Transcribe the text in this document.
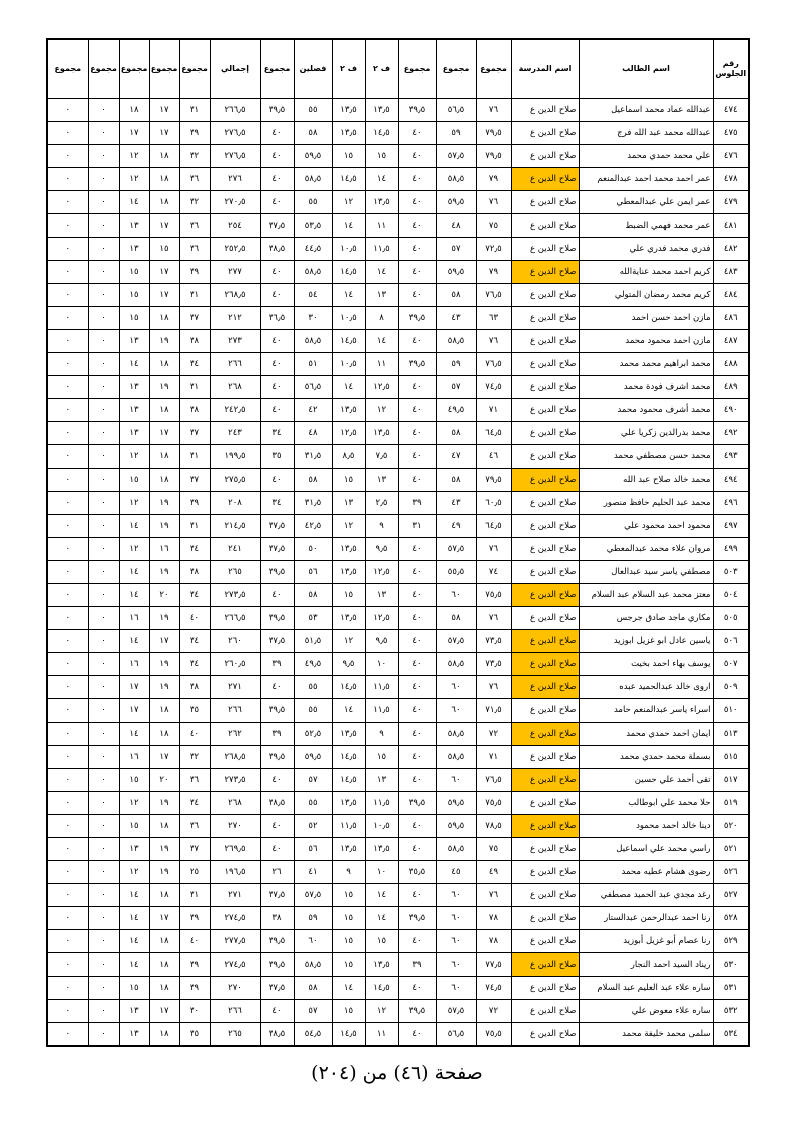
رقم الجلوس	اسم الطالب	اسم المدرسة	مجموع	مجموع	مجموع	ف ٢	ف ٢	فصلين	مجموع	إجمالي	مجموع	مجموع	مجموع	مجموع	مجموع
٤٧٤	عبدالله عماد محمد اسماعيل	صلاح الدين ع	٧٦	٥٦٫٥	٣٩٫٥	١٣٫٥	١٣٫٥	٥٥	٣٩٫٥	٢٦٦٫٥	٣١	١٧	١٨	٠	٠
٤٧٥	عبدالله محمد عبد الله فرج	صلاح الدين ع	٧٩٫٥	٥٩	٤٠	١٤٫٥	١٣٫٥	٥٨	٤٠	٢٧٦٫٥	٣٩	١٧	١٧	٠	٠
٤٧٦	علي محمد حمدي محمد	صلاح الدين ع	٧٩٫٥	٥٧٫٥	٤٠	١٥	١٥	٥٩٫٥	٤٠	٢٧٦٫٥	٣٢	١٨	١٢	٠	٠
٤٧٨	عمر احمد محمد احمد عبدالمنعم	صلاح الدين ع	٧٩	٥٨٫٥	٤٠	١٤	١٤٫٥	٥٨٫٥	٤٠	٢٧٦	٣٦	١٨	١٢	٠	٠
٤٧٩	عمر ايمن علي عبدالمعطي	صلاح الدين ع	٧٦	٥٩٫٥	٤٠	١٣٫٥	١٢	٥٥	٤٠	٢٧٠٫٥	٣٢	١٨	١٤	٠	٠
٤٨١	عمر محمد فهمي الضبط	صلاح الدين ع	٧٥	٤٨	٤٠	١١	١٤	٥٣٫٥	٣٧٫٥	٢٥٤	٣٦	١٧	١٣	٠	٠
٤٨٢	فدري محمد فدري علي	صلاح الدين ع	٧٢٫٥	٥٧	٤٠	١١٫٥	١٠٫٥	٤٤٫٥	٣٨٫٥	٢٥٢٫٥	٣٦	١٥	١٣	٠	٠
٤٨٣	كريم احمد محمد عنايةالله	صلاح الدين ع	٧٩	٥٩٫٥	٤٠	١٤	١٤٫٥	٥٨٫٥	٤٠	٢٧٧	٣٩	١٧	١٥	٠	٠
٤٨٤	كريم محمد رمضان المتولي	صلاح الدين ع	٧٦٫٥	٥٨	٤٠	١٣	١٤	٥٤	٤٠	٢٦٨٫٥	٣١	١٧	١٥	٠	٠
٤٨٦	مازن احمد حسن احمد	صلاح الدين ع	٦٣	٤٣	٣٩٫٥	٨	١٠٫٥	٣٠	٣٦٫٥	٢١٢	٣٧	١٨	١٥	٠	٠
٤٨٧	مازن احمد محمود محمد	صلاح الدين ع	٧٦	٥٨٫٥	٤٠	١٤	١٤٫٥	٥٨٫٥	٤٠	٢٧٣	٣٨	١٩	١٣	٠	٠
٤٨٨	محمد ابراهيم محمد محمد	صلاح الدين ع	٧٦٫٥	٥٩	٣٩٫٥	١١	١٠٫٥	٥١	٤٠	٢٦٦	٣٤	١٨	١٤	٠	٠
٤٨٩	محمد اشرف فودة محمد	صلاح الدين ع	٧٤٫٥	٥٧	٤٠	١٢٫٥	١٤	٥٦٫٥	٤٠	٢٦٨	٣١	١٩	١٣	٠	٠
٤٩٠	محمد أشرف محمود محمد	صلاح الدين ع	٧١	٤٩٫٥	٤٠	١٢	١٣٫٥	٤٢	٤٠	٢٤٢٫٥	٣٨	١٨	١٣	٠	٠
٤٩٢	محمد بدرالدين زكريا علي	صلاح الدين ع	٦٤٫٥	٥٨	٤٠	١٣٫٥	١٢٫٥	٤٨	٣٤	٢٤٣	٣٧	١٧	١٣	٠	٠
٤٩٣	محمد حسن مصطفي محمد	صلاح الدين ع	٤٦	٤٧	٤٠	٧٫٥	٨٫٥	٣١٫٥	٣٥	١٩٩٫٥	٣١	١٨	١٢	٠	٠
٤٩٤	محمد خالد صلاح عبد الله	صلاح الدين ع	٧٩٫٥	٥٨	٤٠	١٣	١٥	٥٨	٤٠	٢٧٥٫٥	٣٧	١٨	١٥	٠	٠
٤٩٦	محمد عبد الحليم حافظ منصور	صلاح الدين ع	٦٠٫٥	٤٣	٣٩	٢٫٥	١٣	٣١٫٥	٣٤	٢٠٨	٣٩	١٩	١٢	٠	٠
٤٩٧	محمود احمد محمود علي	صلاح الدين ع	٦٤٫٥	٤٩	٣١	٩	١٢	٤٢٫٥	٣٧٫٥	٢١٤٫٥	٣١	١٩	١٤	٠	٠
٤٩٩	مروان علاء محمد عبدالمعطي	صلاح الدين ع	٧٦	٥٧٫٥	٤٠	٩٫٥	١٣٫٥	٥٠	٣٧٫٥	٢٤١	٣٤	١٦	١٢	٠	٠
٥٠٣	مصطفي ياسر سيد عبدالعال	صلاح الدين ع	٧٤	٥٥٫٥	٤٠	١٢٫٥	١٣٫٥	٥٦	٣٩٫٥	٢٦٥	٣٨	١٩	١٤	٠	٠
٥٠٤	معتز محمد عبد السلام عبد السلام	صلاح الدين ع	٧٥٫٥	٦٠	٤٠	١٣	١٥	٥٨	٤٠	٢٧٣٫٥	٣٤	٢٠	١٤	٠	٠
٥٠٥	مكاري ماجد صادق جرجس	صلاح الدين ع	٧٦	٥٨	٤٠	١٢٫٥	١٣٫٥	٥٣	٣٩٫٥	٢٦٦٫٥	٤٠	١٩	١٦	٠	٠
٥٠٦	ياسين عادل ابو غزيل ابوزيد	صلاح الدين ع	٧٣٫٥	٥٧٫٥	٤٠	٩٫٥	١٢	٥١٫٥	٣٧٫٥	٢٦٠	٣٤	١٧	١٤	٠	٠
٥٠٧	يوسف بهاء احمد بخيت	صلاح الدين ع	٧٣٫٥	٥٨٫٥	٤٠	١٠	٩٫٥	٤٩٫٥	٣٩	٢٦٠٫٥	٣٤	١٩	١٦	٠	٠
٥٠٩	اروى خالد عبدالحميد عبده	صلاح الدين ع	٧٦	٦٠	٤٠	١١٫٥	١٤٫٥	٥٥	٤٠	٢٧١	٣٨	١٩	١٧	٠	٠
٥١٠	اسراء ياسر عبدالمنعم حامد	صلاح الدين ع	٧١٫٥	٦٠	٤٠	١١٫٥	١٤	٥٥	٣٩٫٥	٢٦٦	٣٥	١٨	١٧	٠	٠
٥١٣	ايمان احمد حمدي محمد	صلاح الدين ع	٧٢	٥٨٫٥	٤٠	٩	١٣٫٥	٥٢٫٥	٣٩	٢٦٢	٤٠	١٨	١٤	٠	٠
٥١٥	بسملة محمد حمدي محمد	صلاح الدين ع	٧١	٥٨٫٥	٤٠	١٥	١٤٫٥	٥٩٫٥	٣٩٫٥	٢٦٨٫٥	٣٢	١٧	١٦	٠	٠
٥١٧	تقى أحمد علي حسين	صلاح الدين ع	٧٦٫٥	٦٠	٤٠	١٣	١٤٫٥	٥٧	٤٠	٢٧٣٫٥	٣٦	٢٠	١٥	٠	٠
٥١٩	حلا محمد علي ابوطالب	صلاح الدين ع	٧٥٫٥	٥٩٫٥	٣٩٫٥	١١٫٥	١٣٫٥	٥٥	٣٨٫٥	٢٦٨	٣٤	١٩	١٢	٠	٠
٥٢٠	دينا خالد احمد محمود	صلاح الدين ع	٧٨٫٥	٥٩٫٥	٤٠	١٠٫٥	١١٫٥	٥٢	٤٠	٢٧٠	٣٦	١٨	١٥	٠	٠
٥٢١	راسي محمد علي اسماعيل	صلاح الدين ع	٧٥	٥٨٫٥	٤٠	١٣٫٥	١٣٫٥	٥٦	٤٠	٢٦٩٫٥	٣٧	١٩	١٣	٠	٠
٥٢٦	رضوى هشام عطيه محمد	صلاح الدين ع	٤٩	٤٥	٣٥٫٥	١٠	٩	٤١	٢٦	١٩٦٫٥	٢٥	١٩	١٢	٠	٠
٥٢٧	رغد مجدي عبد الحميد مصطفي	صلاح الدين ع	٧٦	٦٠	٤٠	١٤	١٥	٥٧٫٥	٣٧٫٥	٢٧١	٣١	١٨	١٤	٠	٠
٥٢٨	رنا احمد عبدالرحمن عبدالستار	صلاح الدين ع	٧٨	٦٠	٣٩٫٥	١٤	١٥	٥٩	٣٨	٢٧٤٫٥	٣٩	١٧	١٤	٠	٠
٥٢٩	رنا عصام أبو غزيل أبوزيد	صلاح الدين ع	٧٨	٦٠	٤٠	١٥	١٥	٦٠	٣٩٫٥	٢٧٧٫٥	٤٠	١٨	١٤	٠	٠
٥٣٠	ريناد السيد احمد النجار	صلاح الدين ع	٧٧٫٥	٦٠	٣٩	١٣٫٥	١٥	٥٨٫٥	٣٩٫٥	٢٧٤٫٥	٣٩	١٨	١٤	٠	٠
٥٣١	ساره علاء عبد العليم عبد السلام	صلاح الدين ع	٧٤٫٥	٦٠	٤٠	١٤٫٥	١٤	٥٨	٣٧٫٥	٢٧٠	٣٩	١٨	١٥	٠	٠
٥٣٢	ساره علاء معوض علي	صلاح الدين ع	٧٢	٥٧٫٥	٣٩٫٥	١٢	١٥	٥٧	٤٠	٢٦٦	٣٠	١٧	١٣	٠	٠
٥٣٤	سلمى محمد خليفة محمد	صلاح الدين ع	٧٥٫٥	٥٦٫٥	٤٠	١١	١٤٫٥	٥٤٫٥	٣٨٫٥	٢٦٥	٣٥	١٨	١٣	٠	٠
صفحة (٤٦) من (٢٠٤)
